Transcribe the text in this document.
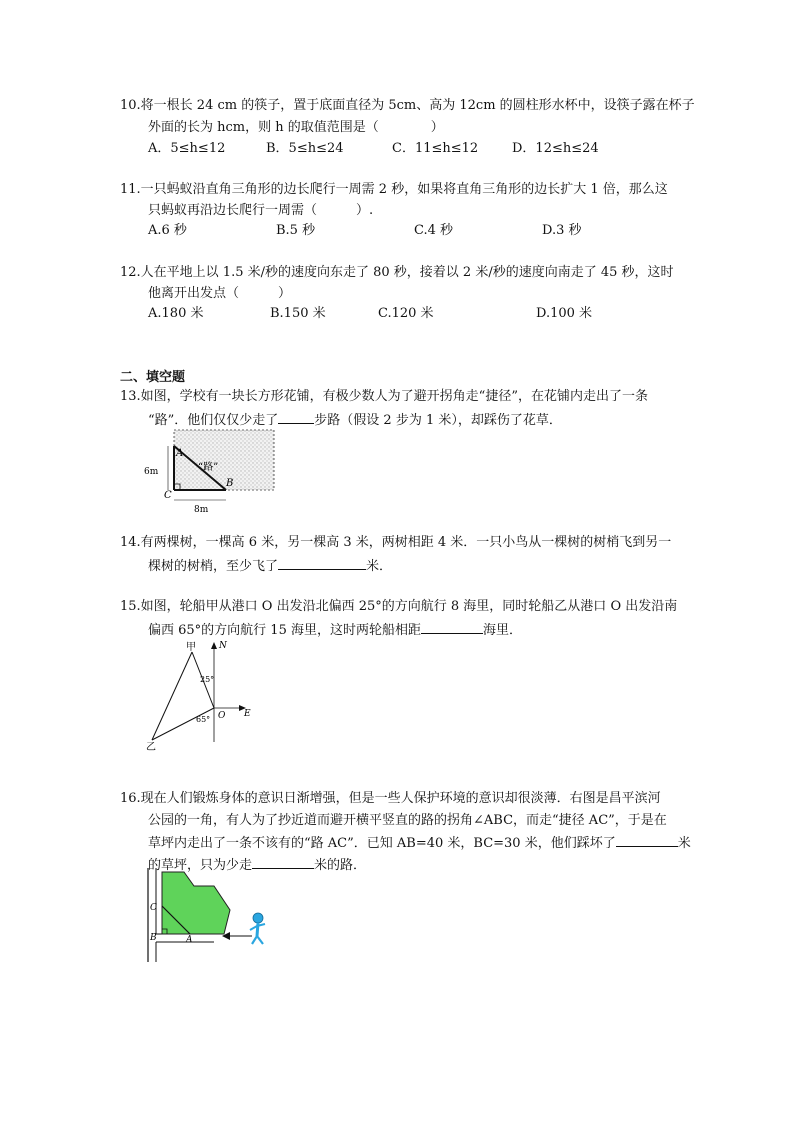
10.将一根长 24 cm 的筷子，置于底面直径为 5cm、高为 12cm 的圆柱形水杯中，设筷子露在杯子
外面的长为 hcm，则 h 的取值范围是（　　　　）
A．5≤h≤12	B．5≤h≤24	C．11≤h≤12	D．12≤h≤24
11.一只蚂蚁沿直角三角形的边长爬行一周需 2 秒，如果将直角三角形的边长扩大 1 倍，那么这
只蚂蚁再沿边长爬行一周需（　　　）.
A.6 秒	B.5 秒	C.4 秒	D.3 秒
12.人在平地上以 1.5 米/秒的速度向东走了 80 秒，接着以 2 米/秒的速度向南走了 45 秒，这时
他离开出发点（　　　）
A.180 米	B.150 米	C.120 米	D.100 米
二、填空题
13.如图，学校有一块长方形花铺，有极少数人为了避开拐角走“捷径”，在花铺内走出了一条
“路”．他们仅仅少走了	步路（假设 2 步为 1 米），却踩伤了花草．
A
B
C
“路”
6m
8m
14.有两棵树，一棵高 6 米，另一棵高 3 米，两树相距 4 米．一只小鸟从一棵树的树梢飞到另一
棵树的树梢，至少飞了	米．
15.如图，轮船甲从港口 O 出发沿北偏西 25°的方向航行 8 海里，同时轮船乙从港口 O 出发沿南
偏西 65°的方向航行 15 海里，这时两轮船相距	海里．
甲
乙
N
E
O
25°
65°
16.现在人们锻炼身体的意识日渐增强，但是一些人保护环境的意识却很淡薄．右图是昌平滨河
公园的一角，有人为了抄近道而避开横平竖直的路的拐角∠ABC，而走“捷径 AC”，于是在
草坪内走出了一条不该有的“路 AC”．已知 AB=40 米，BC=30 米，他们踩坏了	米
的草坪，只为少走	米的路．
C
B	A
